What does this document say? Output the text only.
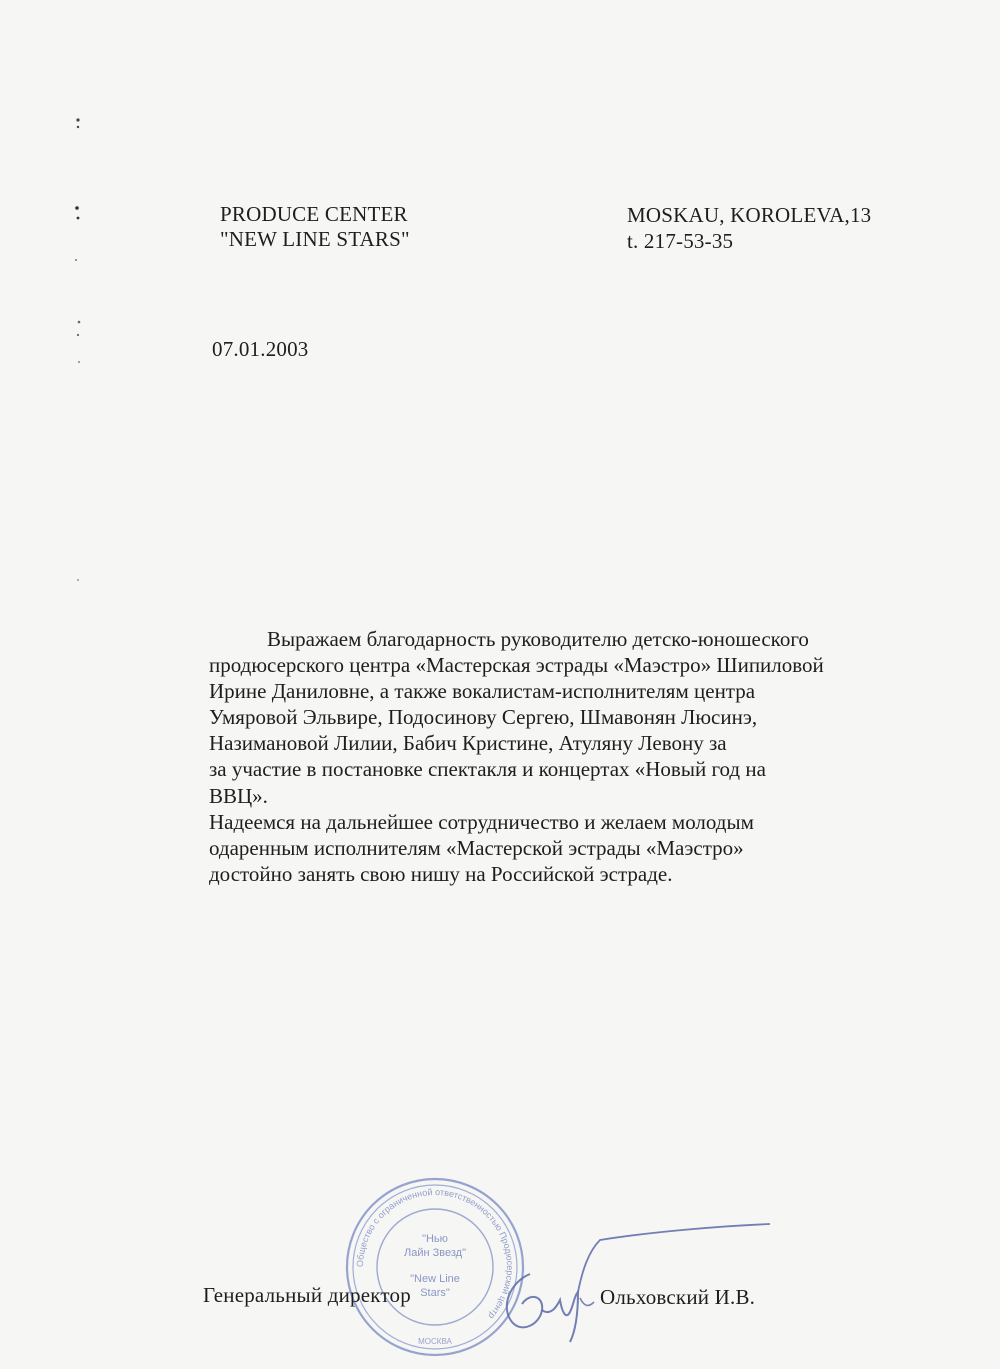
PRODUCE CENTER
"NEW LINE STARS"
MOSKAU, KOROLEVA,13
t. 217-53-35
07.01.2003
Выражаем благодарность руководителю детско-юношеского
продюсерского центра «Мастерская эстрады «Маэстро» Шипиловой
Ирине Даниловне, а также вокалистам-исполнителям центра
Умяровой Эльвире, Подосинову Сергею, Шмавонян Люсинэ,
Назимановой Лилии, Бабич Кристине, Атуляну Левону за
за участие в постановке спектакля и концертах «Новый год на
ВВЦ».
Надеемся на дальнейшее сотрудничество и желаем молодым
одаренным исполнителям «Мастерской эстрады «Маэстро»
достойно занять свою нишу на Российской эстраде.
Общество с ограниченной ответственностью Продюсерский центр
"Нью
Лайн Звезд"
"New Line
Stars"
МОСКВА
Генеральный директор	Ольховский И.В.
